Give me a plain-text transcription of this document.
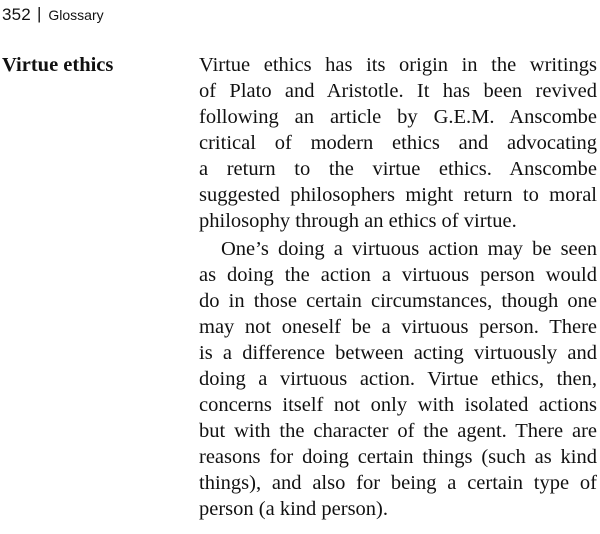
352 | Glossary
Virtue ethics	Virtue ethics has its origin in the writings
of Plato and Aristotle. It has been revived
following an article by G.E.M. Anscombe
critical of modern ethics and advocating
a return to the virtue ethics. Anscombe
suggested philosophers might return to moral
philosophy through an ethics of virtue.
One’s doing a virtuous action may be seen
as doing the action a virtuous person would
do in those certain circumstances, though one
may not oneself be a virtuous person. There
is a difference between acting virtuously and
doing a virtuous action. Virtue ethics, then,
concerns itself not only with isolated actions
but with the character of the agent. There are
reasons for doing certain things (such as kind
things), and also for being a certain type of
person (a kind person).
